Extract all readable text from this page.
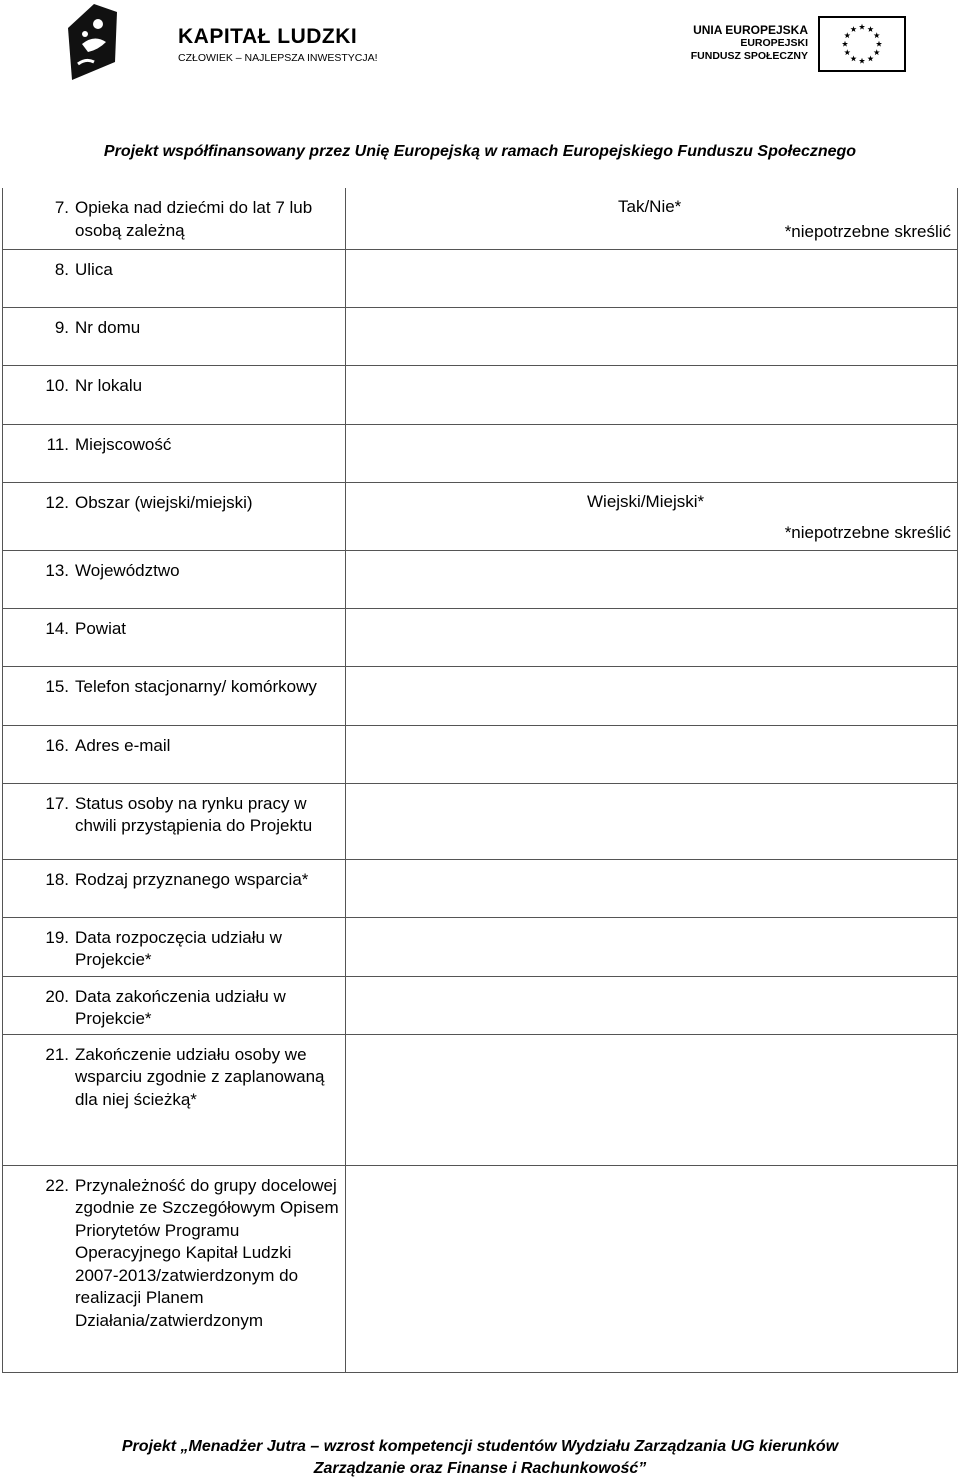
KAPITAŁ LUDZKI
CZŁOWIEK – NAJLEPSZA INWESTYCJA!
UNIA EUROPEJSKA
EUROPEJSKI
FUNDUSZ SPOŁECZNY
Projekt współfinansowany przez Unię Europejską w ramach Europejskiego Funduszu Społecznego
7. Opieka nad dziećmi do lat 7 lub osobą zależną	Tak/Nie*
*niepotrzebne skreślić

8. Ulica	

9. Nr domu	

10. Nr lokalu	

11. Miejscowość	

12. Obszar (wiejski/miejski)	Wiejski/Miejski*
*niepotrzebne skreślić

13. Województwo	

14. Powiat	

15. Telefon stacjonarny/ komórkowy	

16. Adres e-mail	

17. Status osoby na rynku pracy w chwili przystąpienia do Projektu	

18. Rodzaj przyznanego wsparcia*	

19. Data rozpoczęcia udziału w Projekcie*	

20. Data zakończenia udziału w Projekcie*	

21. Zakończenie udziału osoby we wsparciu zgodnie z zaplanowaną dla niej ścieżką*	

22. Przynależność do grupy docelowej zgodnie ze Szczegółowym Opisem Priorytetów Programu Operacyjnego Kapitał Ludzki 2007-2013/zatwierdzonym do realizacji Planem Działania/zatwierdzonym	

Projekt „Menadżer Jutra – wzrost kompetencji studentów Wydziału Zarządzania UG kierunków
Zarządzanie oraz Finanse i Rachunkowość”
